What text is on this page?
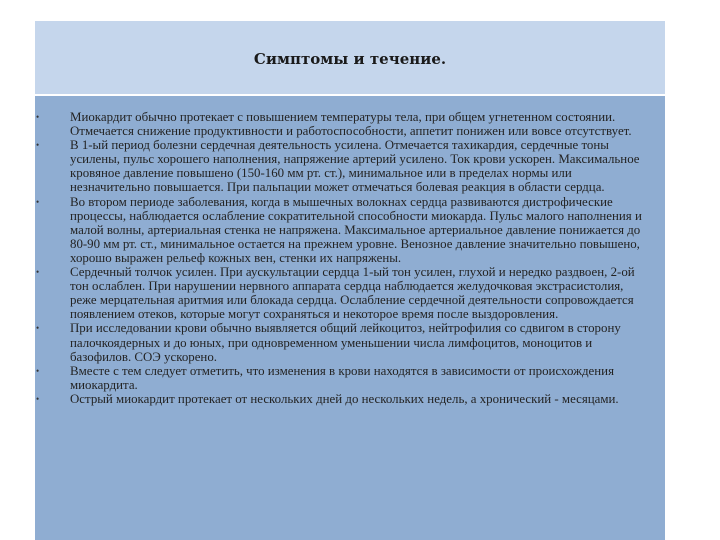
Симптомы и течение.
•	Миокардит обычно протекает с повышением температуры тела, при общем угнетенном состоянии. Отмечается снижение продуктивности и работоспособности, аппетит понижен или вовсе отсутствует.
•	В 1-ый период болезни сердечная деятельность усилена. Отмечается тахикардия, сердечные тоны усилены, пульс хорошего наполнения, напряжение артерий усилено. Ток крови ускорен. Максимальное кровяное давление повышено (150-160 мм рт. ст.), минимальное или в пределах нормы или незначительно повышается. При пальпации может отмечаться болевая реакция в области сердца.
•	Во втором периоде заболевания, когда в мышечных волокнах сердца развиваются дистрофические процессы, наблюдается ослабление сократительной способности миокарда. Пульс малого наполнения и малой волны, артериальная стенка не напряжена. Максимальное артериальное давление понижается до 80-90 мм рт. ст., минимальное остается на прежнем уровне. Венозное давление значительно повышено, хорошо выражен рельеф кожных вен, стенки их напряжены.
•	Сердечный толчок усилен. При аускультации сердца 1-ый тон усилен, глухой и нередко раздвоен, 2-ой тон ослаблен. При нарушении нервного аппарата сердца наблюдается желудочковая экстрасистолия, реже мерцательная аритмия или блокада сердца. Ослабление сердечной деятельности сопровождается появлением отеков, которые могут сохраняться и некоторое время после выздоровления.
•	При исследовании крови обычно выявляется общий лейкоцитоз, нейтрофилия со сдвигом в сторону палочкоядерных и до юных, при одновременном уменьшении числа лимфоцитов, моноцитов и базофилов. СОЭ ускорено.
•	Вместе с тем следует отметить, что изменения в крови находятся в зависимости от происхождения миокардита.
•	Острый миокардит протекает от нескольких дней до нескольких недель, а хронический - месяцами.
